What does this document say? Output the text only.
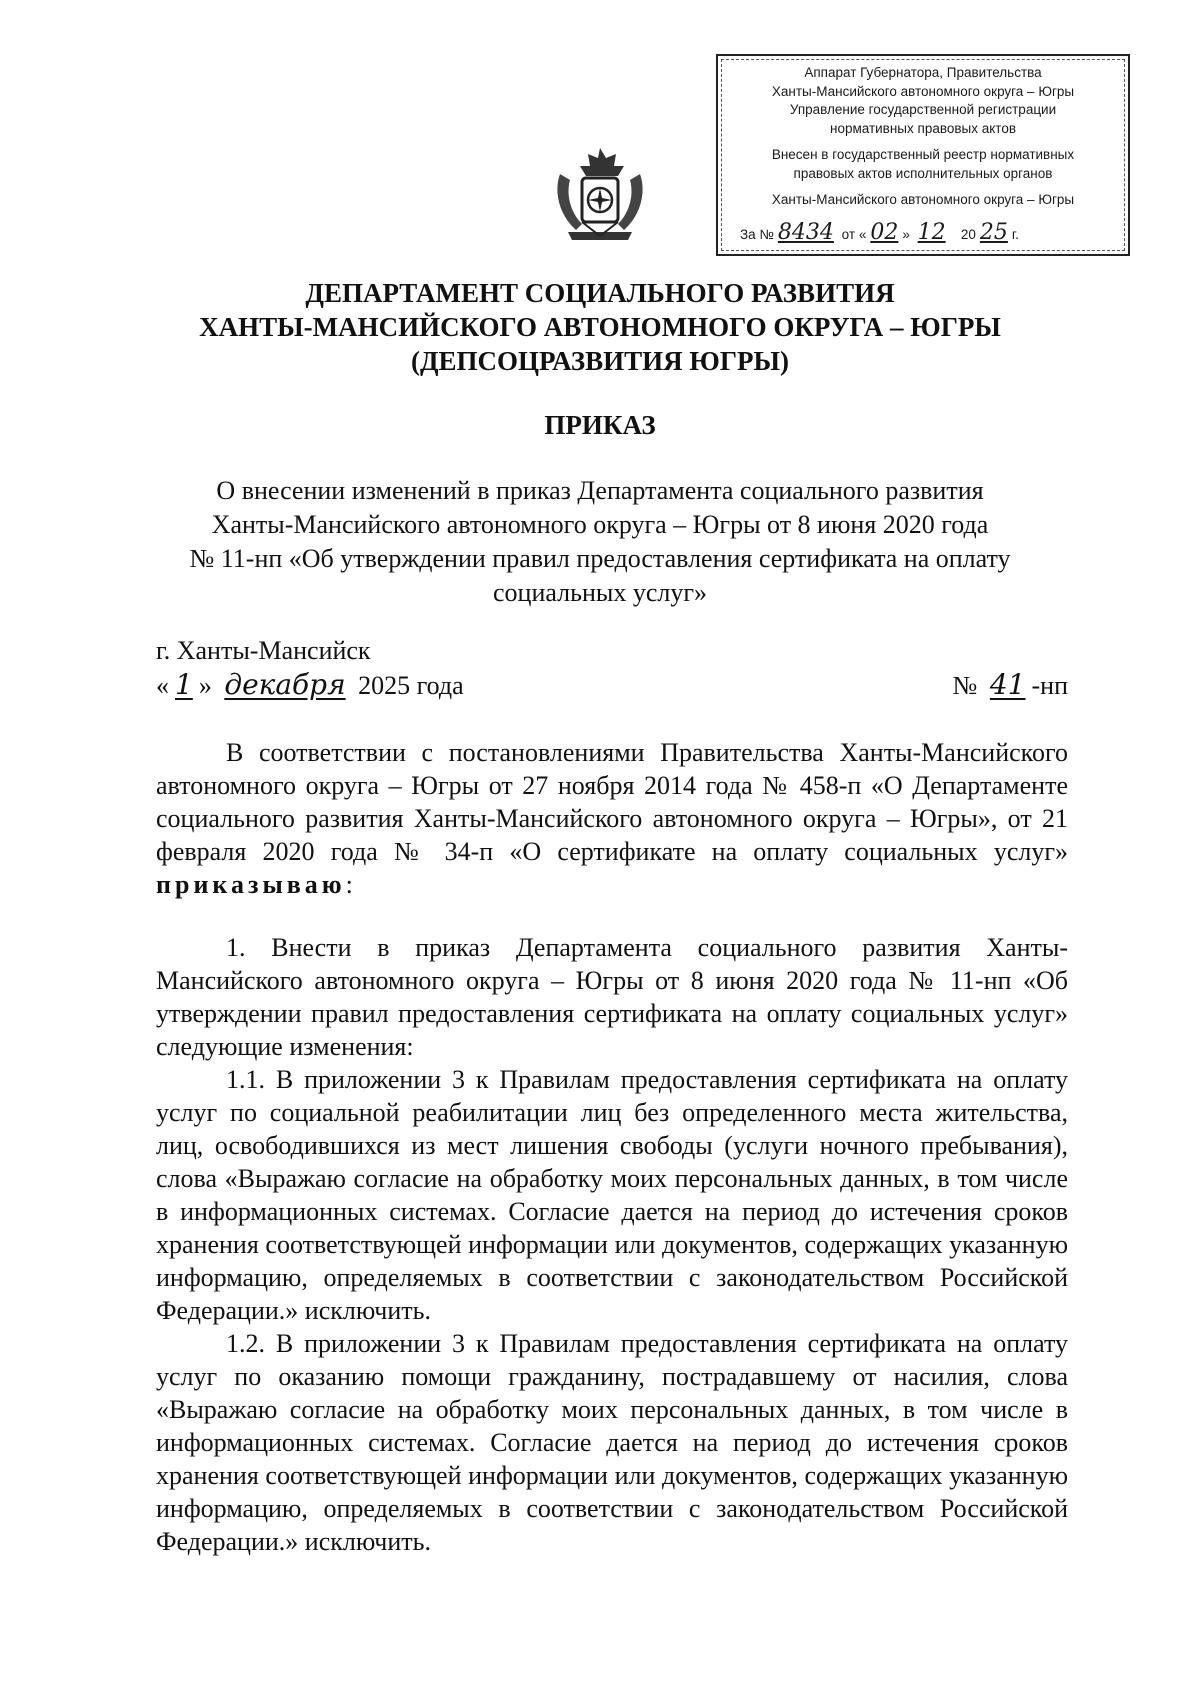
Аппарат Губернатора, Правительства
Ханты-Мансийского автономного округа – Югры
Управление государственной регистрации
нормативных правовых актов
Внесен в государственный реестр нормативных
правовых актов исполнительных органов
Ханты-Мансийского автономного округа – Югры
За № 8434 от « 02 » 12 20 25 г.
ДЕПАРТАМЕНТ СОЦИАЛЬНОГО РАЗВИТИЯ
ХАНТЫ-МАНСИЙСКОГО АВТОНОМНОГО ОКРУГА – ЮГРЫ
(ДЕПСОЦРАЗВИТИЯ ЮГРЫ)
ПРИКАЗ
О внесении изменений в приказ Департамента социального развития
Ханты-Мансийского автономного округа – Югры от 8 июня 2020 года
№ 11-нп «Об утверждении правил предоставления сертификата на оплату
социальных услуг»
г. Ханты-Мансийск
« 1 » декабря 2025 года	№ 41 -нп

В соответствии с постановлениями Правительства Ханты-Мансийского автономного округа – Югры от 27 ноября 2014 года № 458-п «О Департаменте социального развития Ханты-Мансийского автономного округа – Югры», от 21 февраля 2020 года № 34-п «О сертификате на оплату социальных услуг» приказываю:

1. Внести в приказ Департамента социального развития Ханты-Мансийского автономного округа – Югры от 8 июня 2020 года № 11-нп «Об утверждении правил предоставления сертификата на оплату социальных услуг» следующие изменения:

1.1. В приложении 3 к Правилам предоставления сертификата на оплату услуг по социальной реабилитации лиц без определенного места жительства, лиц, освободившихся из мест лишения свободы (услуги ночного пребывания), слова «Выражаю согласие на обработку моих персональных данных, в том числе в информационных системах. Согласие дается на период до истечения сроков хранения соответствующей информации или документов, содержащих указанную информацию, определяемых в соответствии с законодательством Российской Федерации.» исключить.

1.2. В приложении 3 к Правилам предоставления сертификата на оплату услуг по оказанию помощи гражданину, пострадавшему от насилия, слова «Выражаю согласие на обработку моих персональных данных, в том числе в информационных системах. Согласие дается на период до истечения сроков хранения соответствующей информации или документов, содержащих указанную информацию, определяемых в соответствии с законодательством Российской Федерации.» исключить.
